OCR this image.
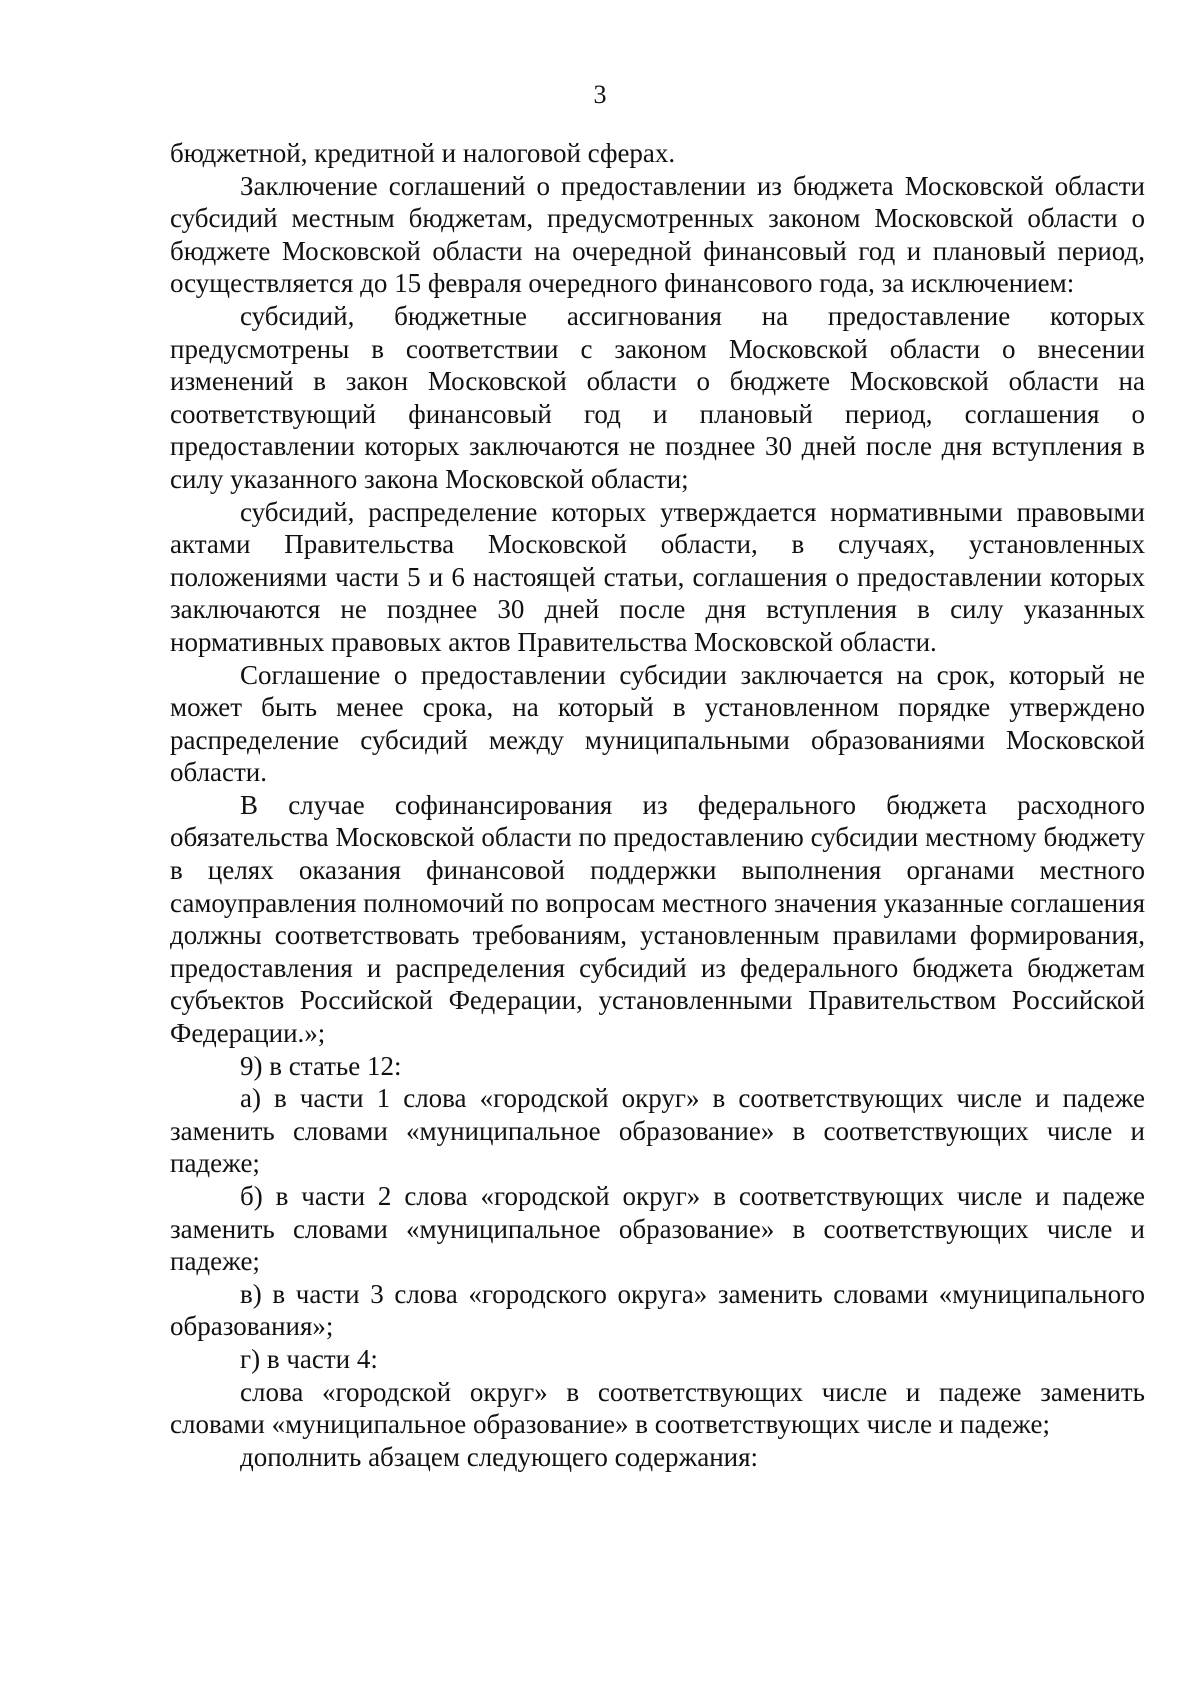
3

бюджетной, кредитной и налоговой сферах.

Заключение соглашений о предоставлении из бюджета Московской области субсидий местным бюджетам, предусмотренных законом Московской области о бюджете Московской области на очередной финансовый год и плановый период, осуществляется до 15 февраля очередного финансового года, за исключением:

субсидий, бюджетные ассигнования на предоставление которых предусмотрены в соответствии с законом Московской области о внесении изменений в закон Московской области о бюджете Московской области на соответствующий финансовый год и плановый период, соглашения о предоставлении которых заключаются не позднее 30 дней после дня вступления в силу указанного закона Московской области;

субсидий, распределение которых утверждается нормативными правовыми актами Правительства Московской области, в случаях, установленных положениями части 5 и 6 настоящей статьи, соглашения о предоставлении которых заключаются не позднее 30 дней после дня вступления в силу указанных нормативных правовых актов Правительства Московской области.

Соглашение о предоставлении субсидии заключается на срок, который не может быть менее срока, на который в установленном порядке утверждено распределение субсидий между муниципальными образованиями Московской области.

В случае софинансирования из федерального бюджета расходного обязательства Московской области по предоставлению субсидии местному бюджету в целях оказания финансовой поддержки выполнения органами местного самоуправления полномочий по вопросам местного значения указанные соглашения должны соответствовать требованиям, установленным правилами формирования, предоставления и распределения субсидий из федерального бюджета бюджетам субъектов Российской Федерации, установленными Правительством Российской Федерации.»;

9) в статье 12:

а) в части 1 слова «городской округ» в соответствующих числе и падеже заменить словами «муниципальное образование» в соответствующих числе и падеже;

б) в части 2 слова «городской округ» в соответствующих числе и падеже заменить словами «муниципальное образование» в соответствующих числе и падеже;

в) в части 3 слова «городского округа» заменить словами «муниципального образования»;

г) в части 4:

слова «городской округ» в соответствующих числе и падеже заменить словами «муниципальное образование» в соответствующих числе и падеже;

дополнить абзацем следующего содержания:
